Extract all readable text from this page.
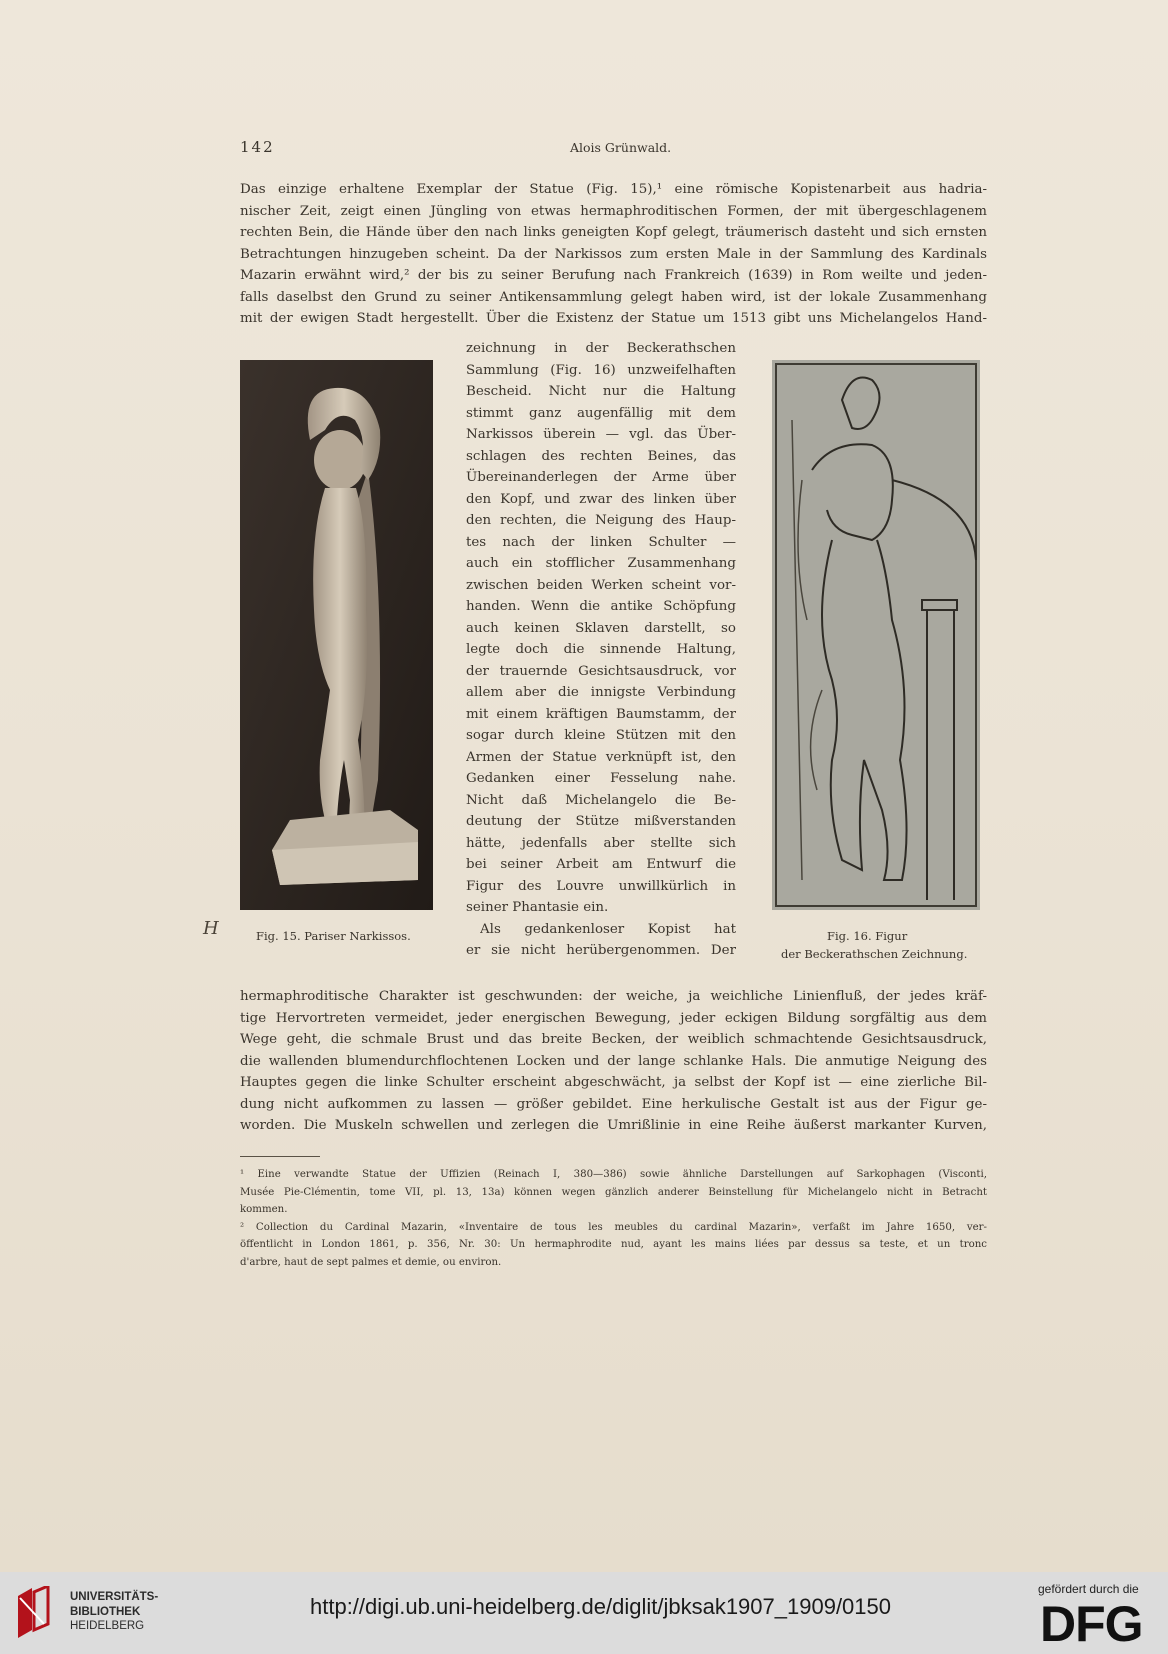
142	Alois Grünwald.
Das einzige erhaltene Exemplar der Statue (Fig. 15),¹ eine römische Kopistenarbeit aus hadria-
nischer Zeit, zeigt einen Jüngling von etwas hermaphroditischen Formen, der mit übergeschlagenem
rechten Bein, die Hände über den nach links geneigten Kopf gelegt, träumerisch dasteht und sich ernsten
Betrachtungen hinzugeben scheint. Da der Narkissos zum ersten Male in der Sammlung des Kardinals
Mazarin erwähnt wird,² der bis zu seiner Berufung nach Frankreich (1639) in Rom weilte und jeden-
falls daselbst den Grund zu seiner Antikensammlung gelegt haben wird, ist der lokale Zusammenhang
mit der ewigen Stadt hergestellt. Über die Existenz der Statue um 1513 gibt uns Michelangelos Hand-
Fig. 15. Pariser Narkissos.
zeichnung in der Beckerathschen
Sammlung (Fig. 16) unzweifelhaften
Bescheid. Nicht nur die Haltung
stimmt ganz augenfällig mit dem
Narkissos überein — vgl. das Über-
schlagen des rechten Beines, das
Übereinanderlegen der Arme über
den Kopf, und zwar des linken über
den rechten, die Neigung des Haup-
tes nach der linken Schulter —
auch ein stofflicher Zusammenhang
zwischen beiden Werken scheint vor-
handen. Wenn die antike Schöpfung
auch keinen Sklaven darstellt, so
legte doch die sinnende Haltung,
der trauernde Gesichtsausdruck, vor
allem aber die innigste Verbindung
mit einem kräftigen Baumstamm, der
sogar durch kleine Stützen mit den
Armen der Statue verknüpft ist, den
Gedanken einer Fesselung nahe.
Nicht daß Michelangelo die Be-
deutung der Stütze mißverstanden
hätte, jedenfalls aber stellte sich
bei seiner Arbeit am Entwurf die
Figur des Louvre unwillkürlich in
seiner Phantasie ein.
Als gedankenloser Kopist hat
er sie nicht herübergenommen. Der
Fig. 16. Figur
der Beckerathschen Zeichnung.
H
hermaphroditische Charakter ist geschwunden: der weiche, ja weichliche Linienfluß, der jedes kräf-
tige Hervortreten vermeidet, jeder energischen Bewegung, jeder eckigen Bildung sorgfältig aus dem
Wege geht, die schmale Brust und das breite Becken, der weiblich schmachtende Gesichtsausdruck,
die wallenden blumendurchflochtenen Locken und der lange schlanke Hals. Die anmutige Neigung des
Hauptes gegen die linke Schulter erscheint abgeschwächt, ja selbst der Kopf ist — eine zierliche Bil-
dung nicht aufkommen zu lassen — größer gebildet. Eine herkulische Gestalt ist aus der Figur ge-
worden. Die Muskeln schwellen und zerlegen die Umrißlinie in eine Reihe äußerst markanter Kurven,
¹ Eine verwandte Statue der Uffizien (Reinach I, 380—386) sowie ähnliche Darstellungen auf Sarkophagen (Visconti,
Musée Pie-Clémentin, tome VII, pl. 13, 13a) können wegen gänzlich anderer Beinstellung für Michelangelo nicht in Betracht
kommen.
² Collection du Cardinal Mazarin, «Inventaire de tous les meubles du cardinal Mazarin», verfaßt im Jahre 1650, ver-
öffentlicht in London 1861, p. 356, Nr. 30: Un hermaphrodite nud, ayant les mains liées par dessus sa teste, et un tronc
d'arbre, haut de sept palmes et demie, ou environ.
UNIVERSITÄTS-
BIBLIOTHEK
HEIDELBERG
http://digi.ub.uni-heidelberg.de/diglit/jbksak1907_1909/0150
gefördert durch die
DFG
